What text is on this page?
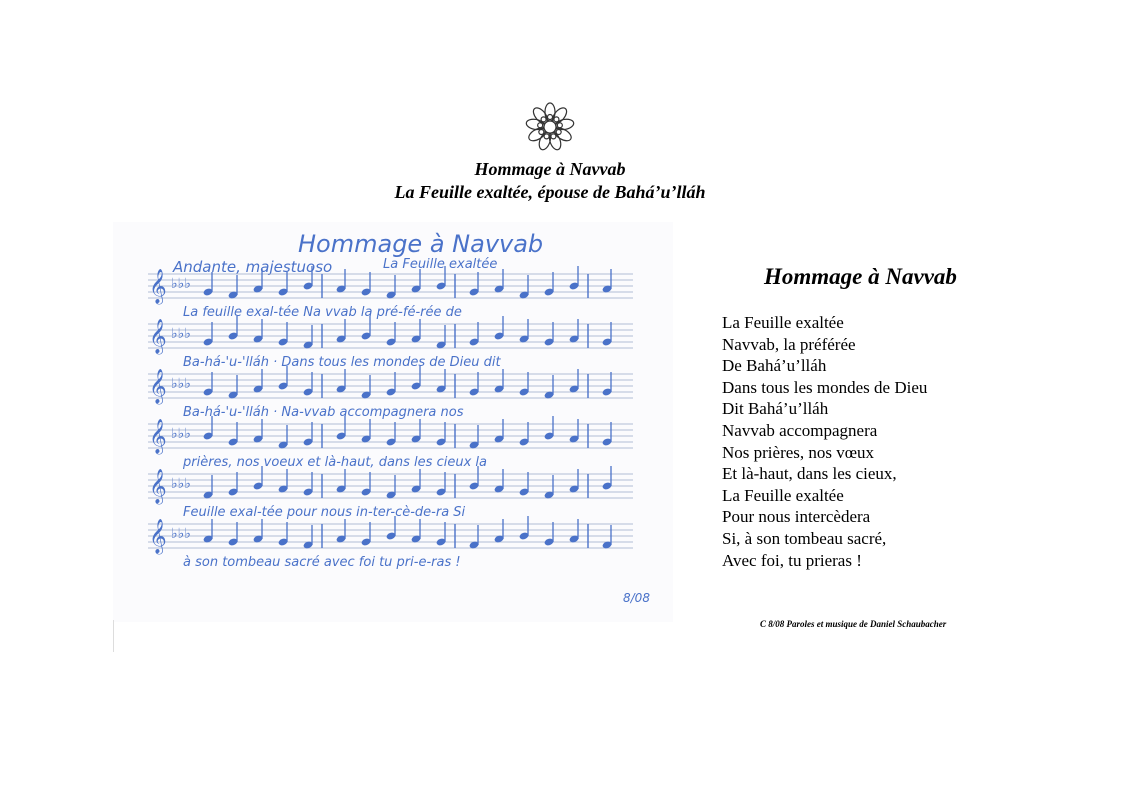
Hommage à Navvab
La Feuille exaltée, épouse de Bahá’u’lláh
Hommage à Navvab
Andante, majestuoso	La Feuille exaltée
𝄞 ♭♭♭
La feuille exal-tée Na vvab la pré-fé-rée de
𝄞 ♭♭♭
Ba-há-'u-'lláh · Dans tous les mondes de Dieu dit
𝄞 ♭♭♭
Ba-há-'u-'lláh · Na-vvab accompagnera nos
𝄞 ♭♭♭
prières, nos voeux et là-haut, dans les cieux la
𝄞 ♭♭♭
Feuille exal-tée pour nous in-ter-cè-de-ra Si
𝄞 ♭♭♭
à son tombeau sacré avec foi tu pri-e-ras !
8/08
Hommage à Navvab
La Feuille exaltée
Navvab, la préférée
De Bahá’u’lláh
Dans tous les mondes de Dieu
Dit Bahá’u’lláh
Navvab accompagnera
Nos prières, nos vœux
Et là-haut, dans les cieux,
La Feuille exaltée
Pour nous intercèdera
Si, à son tombeau sacré,
Avec foi, tu prieras !
C 8/08 Paroles et musique de Daniel Schaubacher
